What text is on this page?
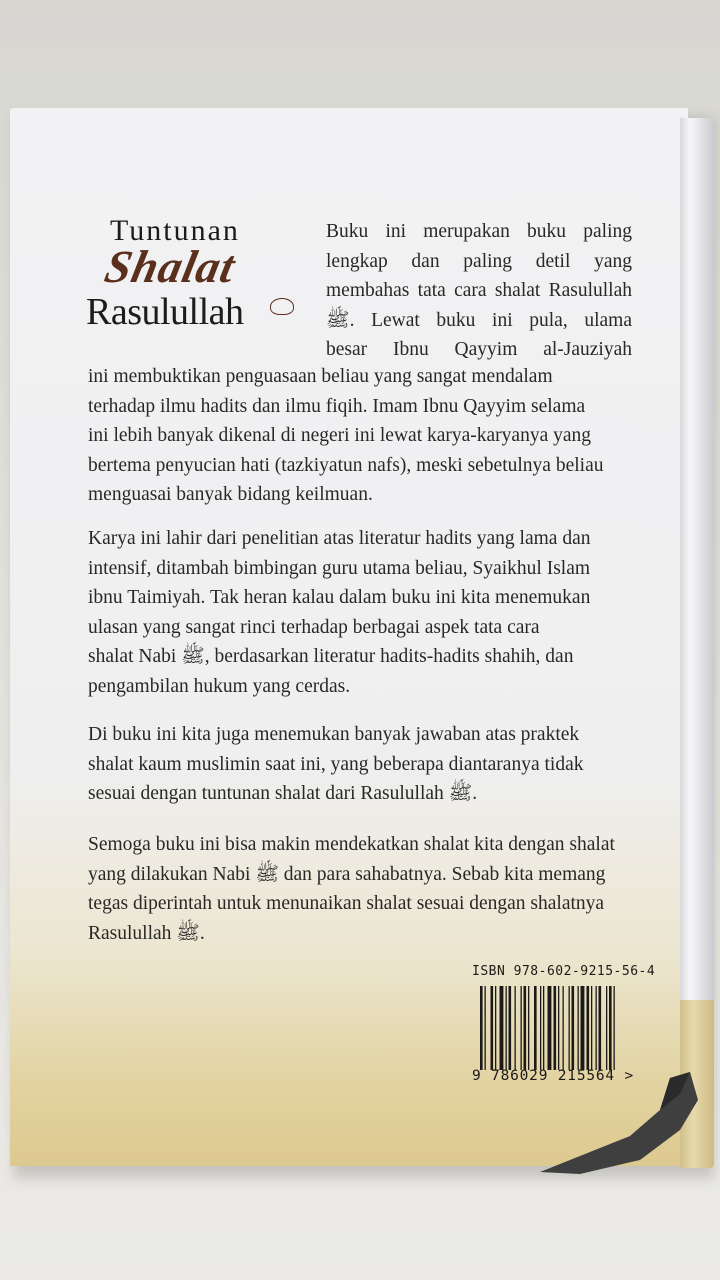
Tuntunan
Shalat
Rasulullah
Buku ini merupakan buku paling
lengkap dan paling detil yang
membahas tata cara shalat Rasulullah
ﷺ. Lewat buku ini pula, ulama
besar Ibnu Qayyim al-Jauziyah
ini membuktikan penguasaan beliau yang sangat mendalam
terhadap ilmu hadits dan ilmu fiqih. Imam Ibnu Qayyim selama
ini lebih banyak dikenal di negeri ini lewat karya-karyanya yang
bertema penyucian hati (tazkiyatun nafs), meski sebetulnya beliau
menguasai banyak bidang keilmuan.
Karya ini lahir dari penelitian atas literatur hadits yang lama dan
intensif, ditambah bimbingan guru utama beliau, Syaikhul Islam
ibnu Taimiyah. Tak heran kalau dalam buku ini kita menemukan
ulasan yang sangat rinci terhadap berbagai aspek tata cara
shalat Nabi ﷺ, berdasarkan literatur hadits-hadits shahih, dan
pengambilan hukum yang cerdas.
Di buku ini kita juga menemukan banyak jawaban atas praktek
shalat kaum muslimin saat ini, yang beberapa diantaranya tidak
sesuai dengan tuntunan shalat dari Rasulullah ﷺ.
Semoga buku ini bisa makin mendekatkan shalat kita dengan shalat
yang dilakukan Nabi ﷺ dan para sahabatnya. Sebab kita memang
tegas diperintah untuk menunaikan shalat sesuai dengan shalatnya
Rasulullah ﷺ.
ISBN 978-602-9215-56-4
9 786029 215564 >
